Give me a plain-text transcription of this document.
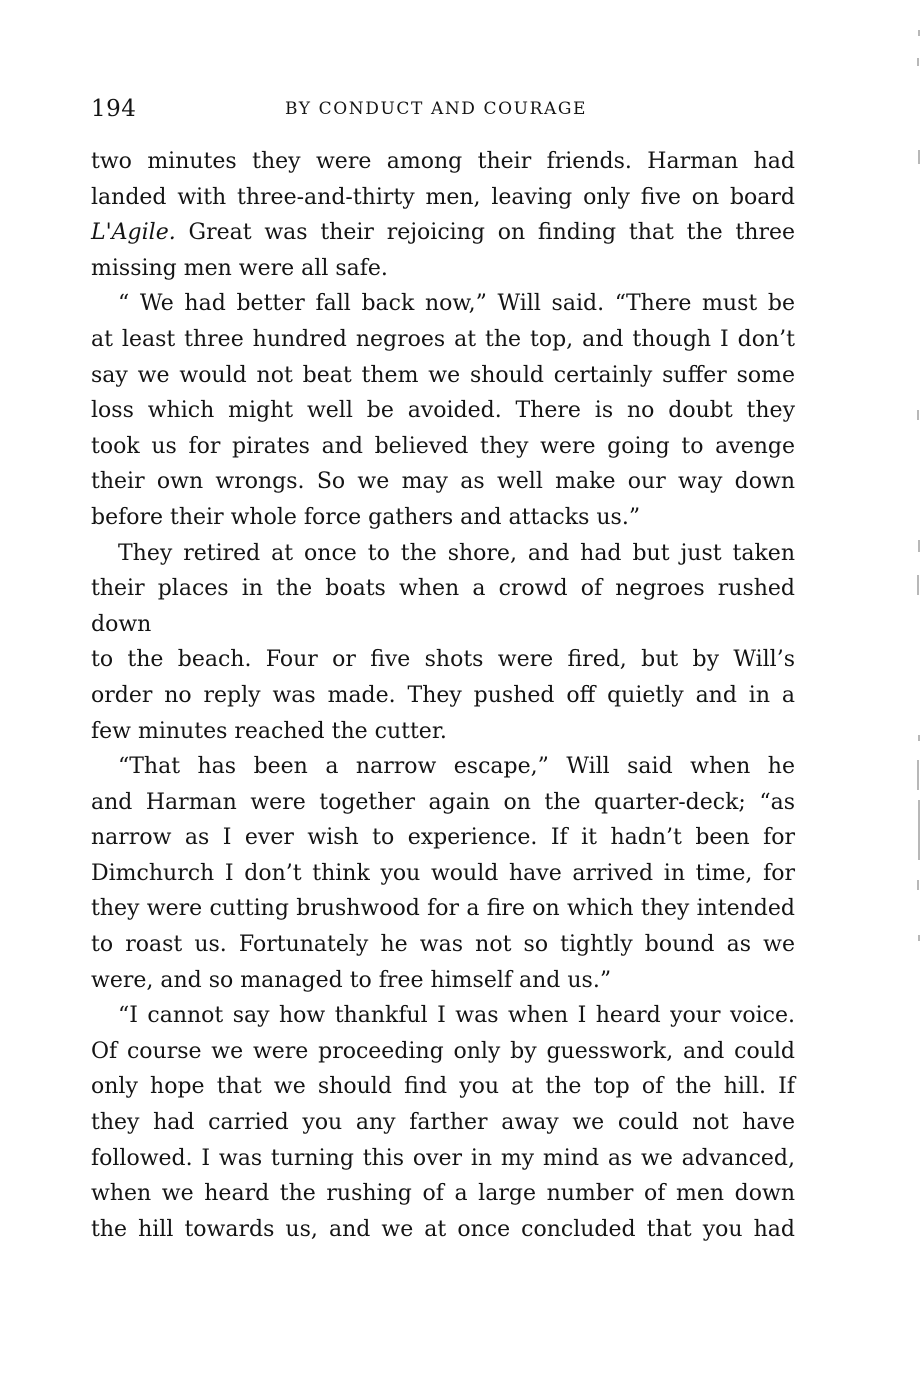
194	BY CONDUCT AND COURAGE

two minutes they were among their friends. Harman had
landed with three-and-thirty men, leaving only five on board
L'Agile. Great was their rejoicing on finding that the three
missing men were all safe.

“ We had better fall back now,” Will said. “There must be
at least three hundred negroes at the top, and though I don’t
say we would not beat them we should certainly suffer some
loss which might well be avoided. There is no doubt they
took us for pirates and believed they were going to avenge
their own wrongs. So we may as well make our way down
before their whole force gathers and attacks us.”

They retired at once to the shore, and had but just taken
their places in the boats when a crowd of negroes rushed down
to the beach. Four or five shots were fired, but by Will’s
order no reply was made. They pushed off quietly and in a
few minutes reached the cutter.

“That has been a narrow escape,” Will said when he
and Harman were together again on the quarter-deck; “as
narrow as I ever wish to experience. If it hadn’t been for
Dimchurch I don’t think you would have arrived in time, for
they were cutting brushwood for a fire on which they intended
to roast us. Fortunately he was not so tightly bound as we
were, and so managed to free himself and us.”

“I cannot say how thankful I was when I heard your voice.
Of course we were proceeding only by guesswork, and could
only hope that we should find you at the top of the hill. If
they had carried you any farther away we could not have
followed. I was turning this over in my mind as we advanced,
when we heard the rushing of a large number of men down
the hill towards us, and we at once concluded that you had
